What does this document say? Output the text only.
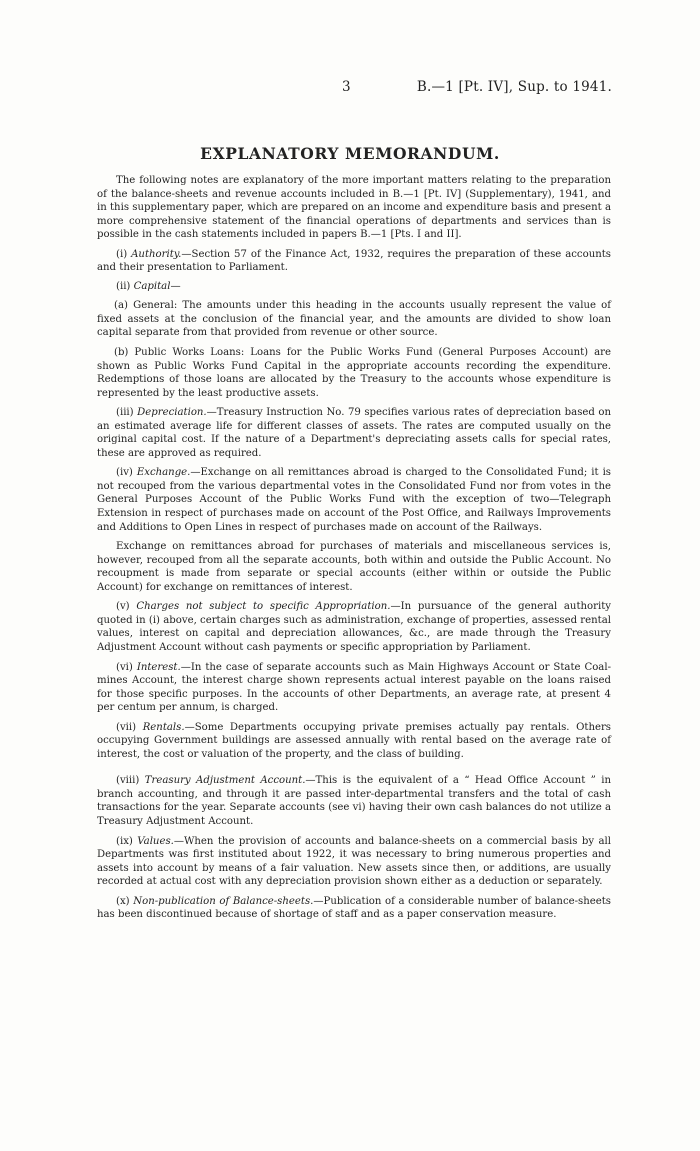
3	B.—1 [Pt. IV], Sup. to 1941.
EXPLANATORY MEMORANDUM.

The following notes are explanatory of the more important matters relating to the preparation of the balance-sheets and revenue accounts included in B.—1 [Pt. IV] (Supplementary), 1941, and in this supplementary paper, which are prepared on an income and expenditure basis and present a more comprehensive statement of the financial operations of departments and services than is possible in the cash statements included in papers B.—1 [Pts. I and II].

(i) Authority.—Section 57 of the Finance Act, 1932, requires the preparation of these accounts and their presentation to Parliament.

(ii) Capital—

(a) General: The amounts under this heading in the accounts usually represent the value of fixed assets at the conclusion of the financial year, and the amounts are divided to show loan capital separate from that provided from revenue or other source.

(b) Public Works Loans: Loans for the Public Works Fund (General Purposes Account) are shown as Public Works Fund Capital in the appropriate accounts recording the expenditure. Redemptions of those loans are allocated by the Treasury to the accounts whose expenditure is represented by the least productive assets.

(iii) Depreciation.—Treasury Instruction No. 79 specifies various rates of depreciation based on an estimated average life for different classes of assets. The rates are computed usually on the original capital cost. If the nature of a Department's depreciating assets calls for special rates, these are approved as required.

(iv) Exchange.—Exchange on all remittances abroad is charged to the Consolidated Fund; it is not recouped from the various departmental votes in the Consolidated Fund nor from votes in the General Purposes Account of the Public Works Fund with the exception of two—Telegraph Extension in respect of purchases made on account of the Post Office, and Railways Improvements and Additions to Open Lines in respect of purchases made on account of the Railways.

Exchange on remittances abroad for purchases of materials and miscellaneous services is, however, recouped from all the separate accounts, both within and outside the Public Account. No recoupment is made from separate or special accounts (either within or outside the Public Account) for exchange on remittances of interest.

(v) Charges not subject to specific Appropriation.—In pursuance of the general authority quoted in (i) above, certain charges such as administration, exchange of properties, assessed rental values, interest on capital and depreciation allowances, &c., are made through the Treasury Adjustment Account without cash payments or specific appropriation by Parliament.

(vi) Interest.—In the case of separate accounts such as Main Highways Account or State Coal-mines Account, the interest charge shown represents actual interest payable on the loans raised for those specific purposes. In the accounts of other Departments, an average rate, at present 4 per centum per annum, is charged.

(vii) Rentals.—Some Departments occupying private premises actually pay rentals. Others occupying Government buildings are assessed annually with rental based on the average rate of interest, the cost or valuation of the property, and the class of building.

(viii) Treasury Adjustment Account.—This is the equivalent of a “ Head Office Account ” in branch accounting, and through it are passed inter-departmental transfers and the total of cash transactions for the year. Separate accounts (see vi) having their own cash balances do not utilize a Treasury Adjustment Account.

(ix) Values.—When the provision of accounts and balance-sheets on a commercial basis by all Departments was first instituted about 1922, it was necessary to bring numerous properties and assets into account by means of a fair valuation. New assets since then, or additions, are usually recorded at actual cost with any depreciation provision shown either as a deduction or separately.

(x) Non-publication of Balance-sheets.—Publication of a considerable number of balance-sheets has been discontinued because of shortage of staff and as a paper conservation measure.
